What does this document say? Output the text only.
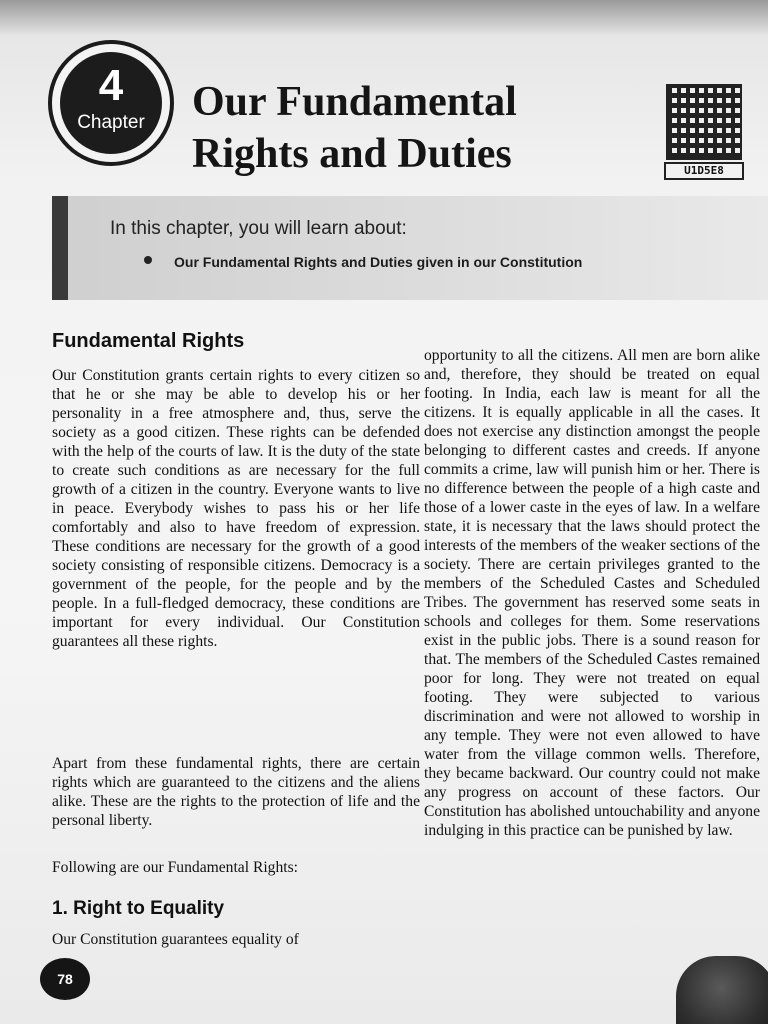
4
Chapter	Our Fundamental
Rights and Duties	U1D5E8
In this chapter, you will learn about:
Our Fundamental Rights and Duties given in our Constitution
Fundamental Rights

Our Constitution grants certain rights to every citizen so that he or she may be able to develop his or her personality in a free atmosphere and, thus, serve the society as a good citizen. These rights can be defended with the help of the courts of law. It is the duty of the state to create such conditions as are necessary for the full growth of a citizen in the country. Everyone wants to live in peace. Everybody wishes to pass his or her life comfortably and also to have freedom of expression. These conditions are necessary for the growth of a good society consisting of responsible citizens. Democracy is a government of the people, for the people and by the people. In a full-fledged democracy, these conditions are important for every individual. Our Constitution guarantees all these rights.

Apart from these fundamental rights, there are certain rights which are guaranteed to the citizens and the aliens alike. These are the rights to the protection of life and the personal liberty.

Following are our Fundamental Rights:

1. Right to Equality

Our Constitution guarantees equality of

opportunity to all the citizens. All men are born alike and, therefore, they should be treated on equal footing. In India, each law is meant for all the citizens. It is equally applicable in all the cases. It does not exercise any distinction amongst the people belonging to different castes and creeds. If anyone commits a crime, law will punish him or her. There is no difference between the people of a high caste and those of a lower caste in the eyes of law. In a welfare state, it is necessary that the laws should protect the interests of the members of the weaker sections of the society. There are certain privileges granted to the members of the Scheduled Castes and Scheduled Tribes. The government has reserved some seats in schools and colleges for them. Some reservations exist in the public jobs. There is a sound reason for that. The members of the Scheduled Castes remained poor for long. They were not treated on equal footing. They were subjected to various discrimination and were not allowed to worship in any temple. They were not even allowed to have water from the village common wells. Therefore, they became backward. Our country could not make any progress on account of these factors. Our Constitution has abolished untouchability and anyone indulging in this practice can be punished by law.

78
